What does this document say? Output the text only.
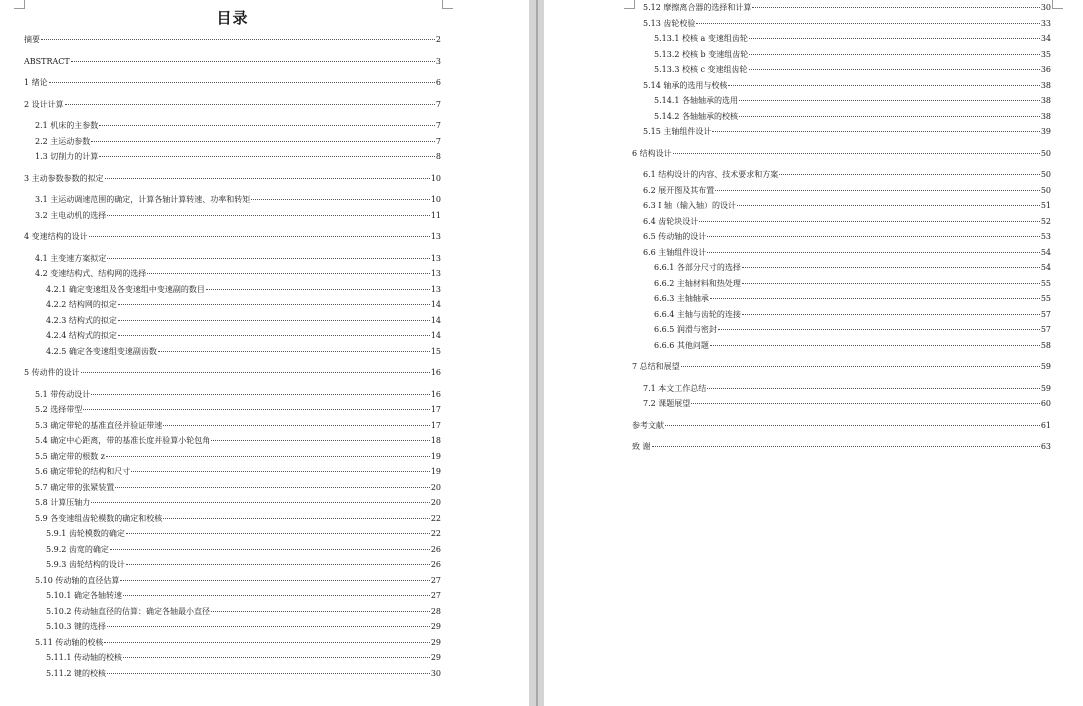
目录
摘要	2
ABSTRACT	3
1 绪论	6
2 设计计算	7
2.1 机床的主参数	7
2.2 主运动参数	7
1.3 切削力的计算	8
3 主动参数参数的拟定	10
3.1 主运动调速范围的确定，计算各轴计算转速、功率和转矩	10
3.2 主电动机的选择	11
4 变速结构的设计	13
4.1 主变速方案拟定	13
4.2 变速结构式、结构网的选择	13
4.2.1 确定变速组及各变速组中变速副的数目	13
4.2.2 结构网的拟定	14
4.2.3 结构式的拟定	14
4.2.4 结构式的拟定	14
4.2.5 确定各变速组变速副齿数	15
5 传动件的设计	16
5.1 带传动设计	16
5.2 选择带型	17
5.3 确定带轮的基准直径并验证带速	17
5.4 确定中心距离，带的基准长度并验算小轮包角	18
5.5 确定带的根数 z	19
5.6 确定带轮的结构和尺寸	19
5.7 确定带的张紧装置	20
5.8 计算压轴力	20
5.9 各变速组齿轮模数的确定和校核	22
5.9.1 齿轮模数的确定	22
5.9.2 齿宽的确定	26
5.9.3 齿轮结构的设计	26
5.10 传动轴的直径估算	27
5.10.1 确定各轴转速	27
5.10.2 传动轴直径的估算：确定各轴最小直径	28
5.10.3 键的选择	29
5.11 传动轴的校核	29
5.11.1 传动轴的校核	29
5.11.2 键的校核	30
5.12 摩擦离合器的选择和计算	30
5.13 齿轮校验	33
5.13.1 校核 a 变速组齿轮	34
5.13.2 校核 b 变速组齿轮	35
5.13.3 校核 c 变速组齿轮	36
5.14 轴承的选用与校核	38
5.14.1 各轴轴承的选用	38
5.14.2 各轴轴承的校核	38
5.15 主轴组件设计	39
6 结构设计	50
6.1 结构设计的内容、技术要求和方案	50
6.2 展开图及其布置	50
6.3 I 轴（输入轴）的设计	51
6.4 齿轮块设计	52
6.5 传动轴的设计	53
6.6 主轴组件设计	54
6.6.1 各部分尺寸的选择	54
6.6.2 主轴材料和热处理	55
6.6.3 主轴轴承	55
6.6.4 主轴与齿轮的连接	57
6.6.5 润滑与密封	57
6.6.6 其他问题	58
7 总结和展望	59
7.1 本文工作总结	59
7.2 课题展望	60
参考文献	61
致 谢	63
